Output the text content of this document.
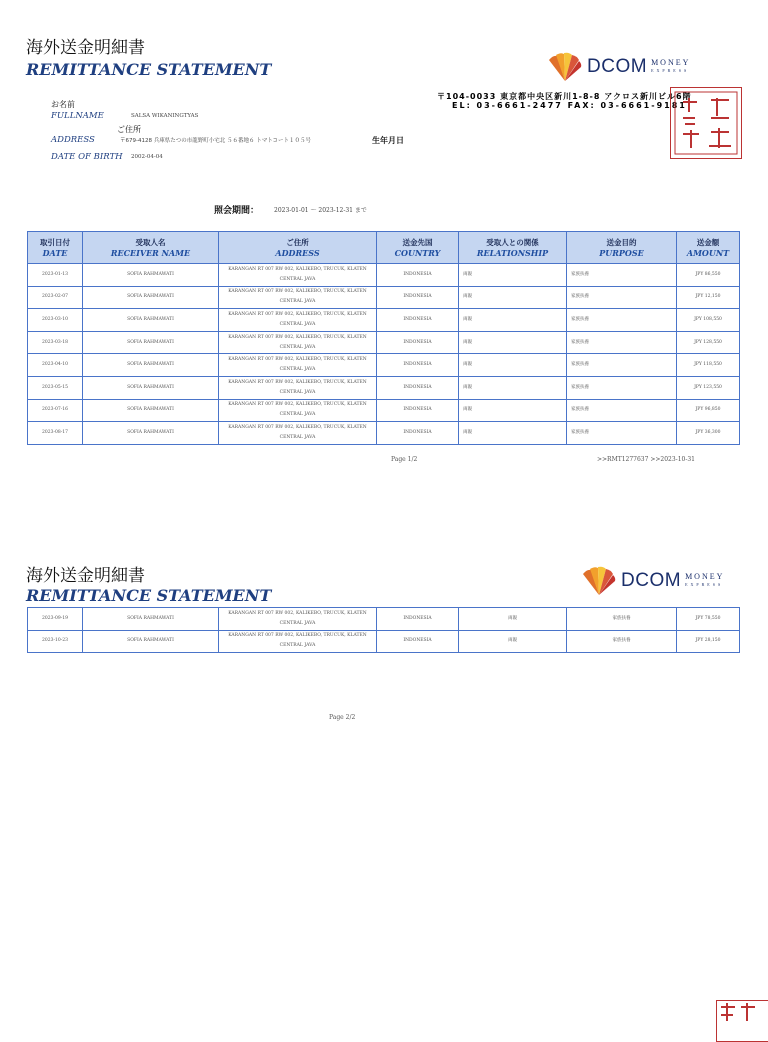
海外送金明細書
REMITTANCE STATEMENT	DCOM MONEY
EXPRESS
〒104-0033 東京都中央区新川1-8-8 アクロス新川ビル6階
EL: 03-6661-2477 FAX: 03-6661-9181
お名前
FULLNAME	SALSA WIKANINGTYAS
ご住所
ADDRESS	〒679-4128 兵庫県たつの市龍野町小宅北 ５６番地６ トマトコート１０５号	生年月日
DATE OF BIRTH 2002-04-04
照会期間： 2023-01-01 ～ 2023-12-31 まで
取引日付
DATE	受取人名
RECEIVER NAME	ご住所
ADDRESS	送金先国
COUNTRY	受取人との関係
RELATIONSHIP	送金目的
PURPOSE	送金額
AMOUNT

2023-01-13	SOFIA RAHMAWATI	KARANGAN RT 007 RW 002, KALIKEBO, TRUCUK, KLATEN
CENTRAL JAVA	INDONESIA	両親	家族扶養	JPY 86,550
2023-02-07	SOFIA RAHMAWATI	KARANGAN RT 007 RW 002, KALIKEBO, TRUCUK, KLATEN
CENTRAL JAVA	INDONESIA	両親	家族扶養	JPY 12,150
2023-03-10	SOFIA RAHMAWATI	KARANGAN RT 007 RW 002, KALIKEBO, TRUCUK, KLATEN
CENTRAL JAVA	INDONESIA	両親	家族扶養	JPY 108,550
2023-03-18	SOFIA RAHMAWATI	KARANGAN RT 007 RW 002, KALIKEBO, TRUCUK, KLATEN
CENTRAL JAVA	INDONESIA	両親	家族扶養	JPY 128,550
2023-04-10	SOFIA RAHMAWATI	KARANGAN RT 007 RW 002, KALIKEBO, TRUCUK, KLATEN
CENTRAL JAVA	INDONESIA	両親	家族扶養	JPY 118,550
2023-05-15	SOFIA RAHMAWATI	KARANGAN RT 007 RW 002, KALIKEBO, TRUCUK, KLATEN
CENTRAL JAVA	INDONESIA	両親	家族扶養	JPY 123,550
2023-07-16	SOFIA RAHMAWATI	KARANGAN RT 007 RW 002, KALIKEBO, TRUCUK, KLATEN
CENTRAL JAVA	INDONESIA	両親	家族扶養	JPY 96,850
2023-08-17	SOFIA RAHMAWATI	KARANGAN RT 007 RW 002, KALIKEBO, TRUCUK, KLATEN
CENTRAL JAVA	INDONESIA	両親	家族扶養	JPY 36,300
Page 1/2	>>RMT1277637 >>2023-10-31
海外送金明細書
REMITTANCE STATEMENT
DCOM MONEY
EXPRESS
2023-09-19	SOFIA RAHMAWATI	KARANGAN RT 007 RW 002, KALIKEBO, TRUCUK, KLATEN
CENTRAL JAVA	INDONESIA	両親	家族扶養	JPY 78,550
2023-10-23	SOFIA RAHMAWATI	KARANGAN RT 007 RW 002, KALIKEBO, TRUCUK, KLATEN
CENTRAL JAVA	INDONESIA	両親	家族扶養	JPY 28,150
Page 2/2
